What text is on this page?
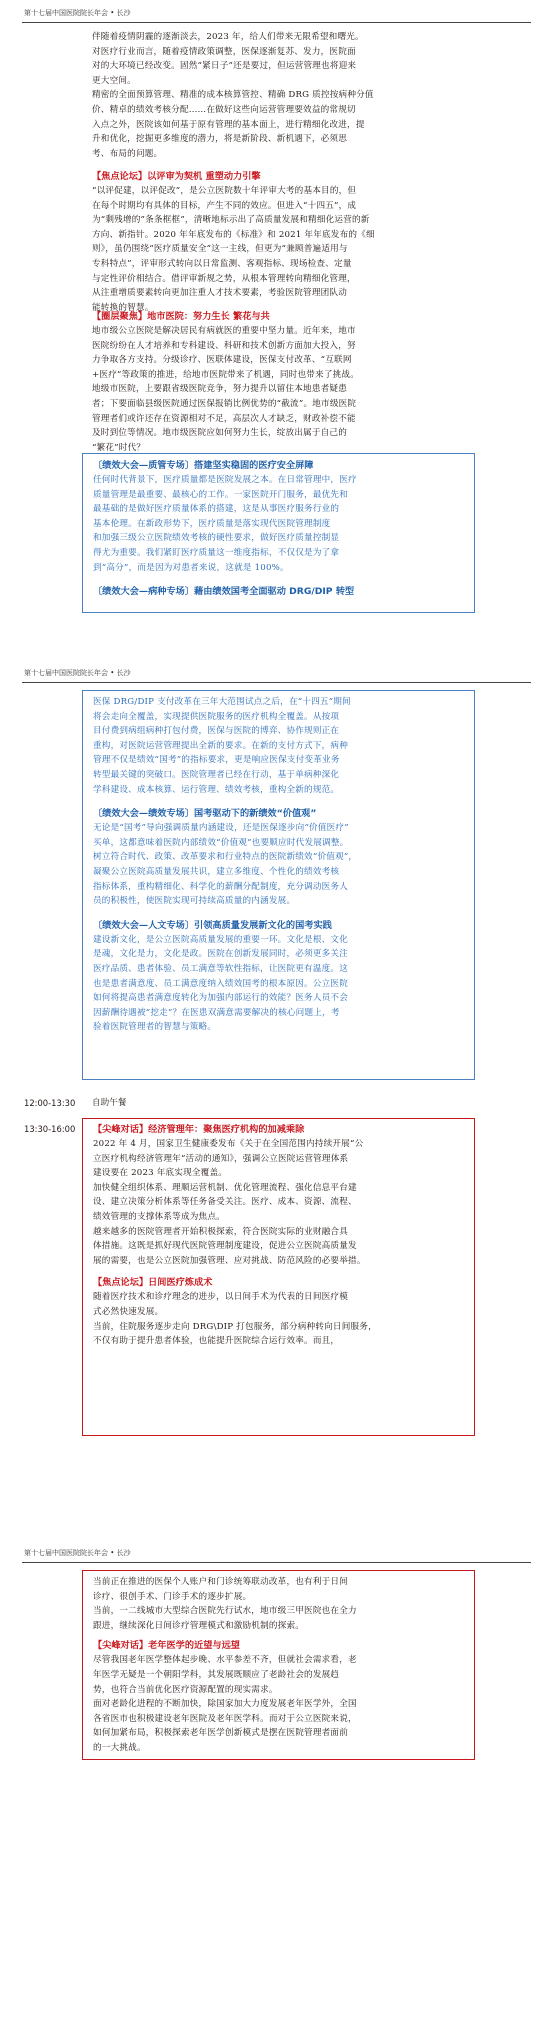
第十七届中国医院院长年会 • 长沙

伴随着疫情阴霾的逐渐淡去，2023 年，给人们带来无限希望和曙光。

对医疗行业而言，随着疫情政策调整，医保逐渐复苏、发力，医院面

对的大环境已经改变。固然“紧日子”还是要过，但运营管理也将迎来

更大空间。

精密的全面预算管理、精准的成本核算管控、精确 DRG 质控按病种分值

价、精卓的绩效考核分配……在做好这些向运营管理要效益的常规切

入点之外，医院该如何基于原有管理的基本面上，进行精细化改进，提

升和优化，挖掘更多维度的潜力，将是新阶段、新机遇下，必须思

考、布局的问题。

【焦点论坛】以评审为契机 重塑动力引擎

“以评促建，以评促改”，是公立医院数十年评审大考的基本目的，但

在每个时期均有具体的目标，产生不同的效应。但进入“十四五”，成

为“剩残增的”条条框框”，清晰地标示出了高质量发展和精细化运营的新

方向、新指针。2020 年年底发布的《标准》和 2021 年年底发布的《细

则》，虽仍围绕“医疗质量安全”这一主线，但更为“兼顾普遍适用与

专科特点”，评审形式转向以日常监测、客观指标、现场检查、定量

与定性评价相结合。借评审新规之势，从根本管理转向精细化管理，

从注重增质要素转向更加注重人才技术要素，考验医院管理团队动

能转换的智慧。

【圈层聚焦】地市医院：努力生长 繁花与共

地市级公立医院是解决居民有病就医的重要中坚力量。近年来，地市

医院纷纷在人才培养和专科建设、科研和技术创新方面加大投入，努

力争取各方支持。分级诊疗、医联体建设，医保支付改革、“互联网

+医疗”等政策的推进，给地市医院带来了机遇，同时也带来了挑战。

地级市医院，上要跟省级医院竞争，努力提升以留住本地患者疑患

者；下要面临县级医院通过医保报销比例优势的“截流”。地市级医院

管理者们或许还存在资源相对不足，高层次人才缺乏，财政补偿不能

及时到位等情况。地市级医院应如何努力生长，绽放出属于自己的

“繁花”时代？

〔绩效大会—质管专场〕搭建坚实稳固的医疗安全屏障

任何时代背景下，医疗质量都是医院发展之本。在日常管理中，医疗

质量管理是最重要、最核心的工作。一家医院开门服务，最优先和

最基础的是做好医疗质量体系的搭建，这是从事医疗服务行业的

基本伦理。在新政形势下，医疗质量是落实现代医院管理制度

和加强三级公立医院绩效考核的硬性要求，做好医疗质量控制显

得尤为重要。我们紧盯医疗质量这一维度指标，不仅仅是为了拿

到“高分”，而是因为对患者来说，这就是 100%。

〔绩效大会—病种专场〕藉由绩效国考全面驱动 DRG/DIP 转型
第十七届中国医院院长年会 • 长沙

医保 DRG/DIP 支付改革在三年大范围试点之后，在“十四五”期间

将会走向全覆盖，实现提供医院服务的医疗机构全覆盖。从按项

目付费到病组病种打包付费，医保与医院的博弈、协作规则正在

重构，对医院运营管理提出全新的要求。在新的支付方式下，病种

管理不仅是绩效“国考”的指标要求，更是响应医保支付变革业务

转型最关键的突破口。医院管理者已经在行动，基于单病种深化

学科建设、成本核算、运行管理、绩效考核，重构全新的规范。

〔绩效大会—绩效专场〕国考驱动下的新绩效“价值观”

无论是“国考”导向强调质量内涵建设，还是医保逐步向“价值医疗”

买单，这都意味着医院内部绩效“价值观”也要顺应时代发展调整。

树立符合时代、政策、改革要求和行业特点的医院新绩效“价值观”，

凝聚公立医院高质量发展共识，建立多维度、个性化的绩效考核

指标体系，重构精细化、科学化的薪酬分配制度，充分调动医务人

员的积极性，使医院实现可持续高质量的内涵发展。

〔绩效大会—人文专场〕引领高质量发展新文化的国考实践

建设新文化，是公立医院高质量发展的重要一环。文化是根、文化

是魂，文化是力，文化是政。医院在创新发展同时，必须更多关注

医疗品质、患者体验、员工满意等软性指标，让医院更有温度。这

也是患者满意度、员工满意度纳入绩效国考的根本原因。公立医院

如何将提高患者满意度转化为加强内部运行的效能？医务人员不会

因薪酬待遇被“挖走”？在医患双满意需要解决的核心问题上，考

验着医院管理者的智慧与策略。

12:00-13:30 自助午餐
13:30-16:00 【尖峰对话】经济管理年：聚焦医疗机构的加减乘除

2022 年 4 月，国家卫生健康委发布《关于在全国范围内持续开展“公

立医疗机构经济管理年”活动的通知》，强调公立医院运营管理体系

建设要在 2023 年底实现全覆盖。

加快健全组织体系、理顺运营机制、优化管理流程、强化信息平台建

设、建立决策分析体系等任务备受关注。医疗、成本、资源、流程、

绩效管理的支撑体系等成为焦点。

越来越多的医院管理者开始积极探索，符合医院实际的业财融合具

体措施。这既是抓好现代医院管理制度建设，促进公立医院高质量发

展的需要，也是公立医院加强管理、应对挑战、防范风险的必要举措。

【焦点论坛】日间医疗炼成术

随着医疗技术和诊疗理念的进步，以日间手术为代表的日间医疗模

式必然快速发展。

当前，住院服务逐步走向 DRG\DIP 打包服务，部分病种转向日间服务，

不仅有助于提升患者体验，也能提升医院综合运行效率。而且，

第十七届中国医院院长年会 • 长沙

当前正在推进的医保个人账户和门诊统筹联动改革，也有利于日间

诊疗、很创手术、门诊手术的逐步扩展。

当前，一二线城市大型综合医院先行试水，地市级三甲医院也在全力

跟进，继续深化日间诊疗管理模式和激励机制的探索。

【尖峰对话】老年医学的近望与远望

尽管我国老年医学整体起步晚、水平参差不齐，但就社会需求看，老

年医学无疑是一个朝阳学科，其发展既顺应了老龄社会的发展趋

势，也符合当前优化医疗资源配置的现实需求。

面对老龄化进程的不断加快，除国家加大力度发展老年医学外，全国

各省医市也积极建设老年医院及老年医学科。而对于公立医院来说，

如何加紧布局，积极探索老年医学创新模式是摆在医院管理者面前

的一大挑战。
